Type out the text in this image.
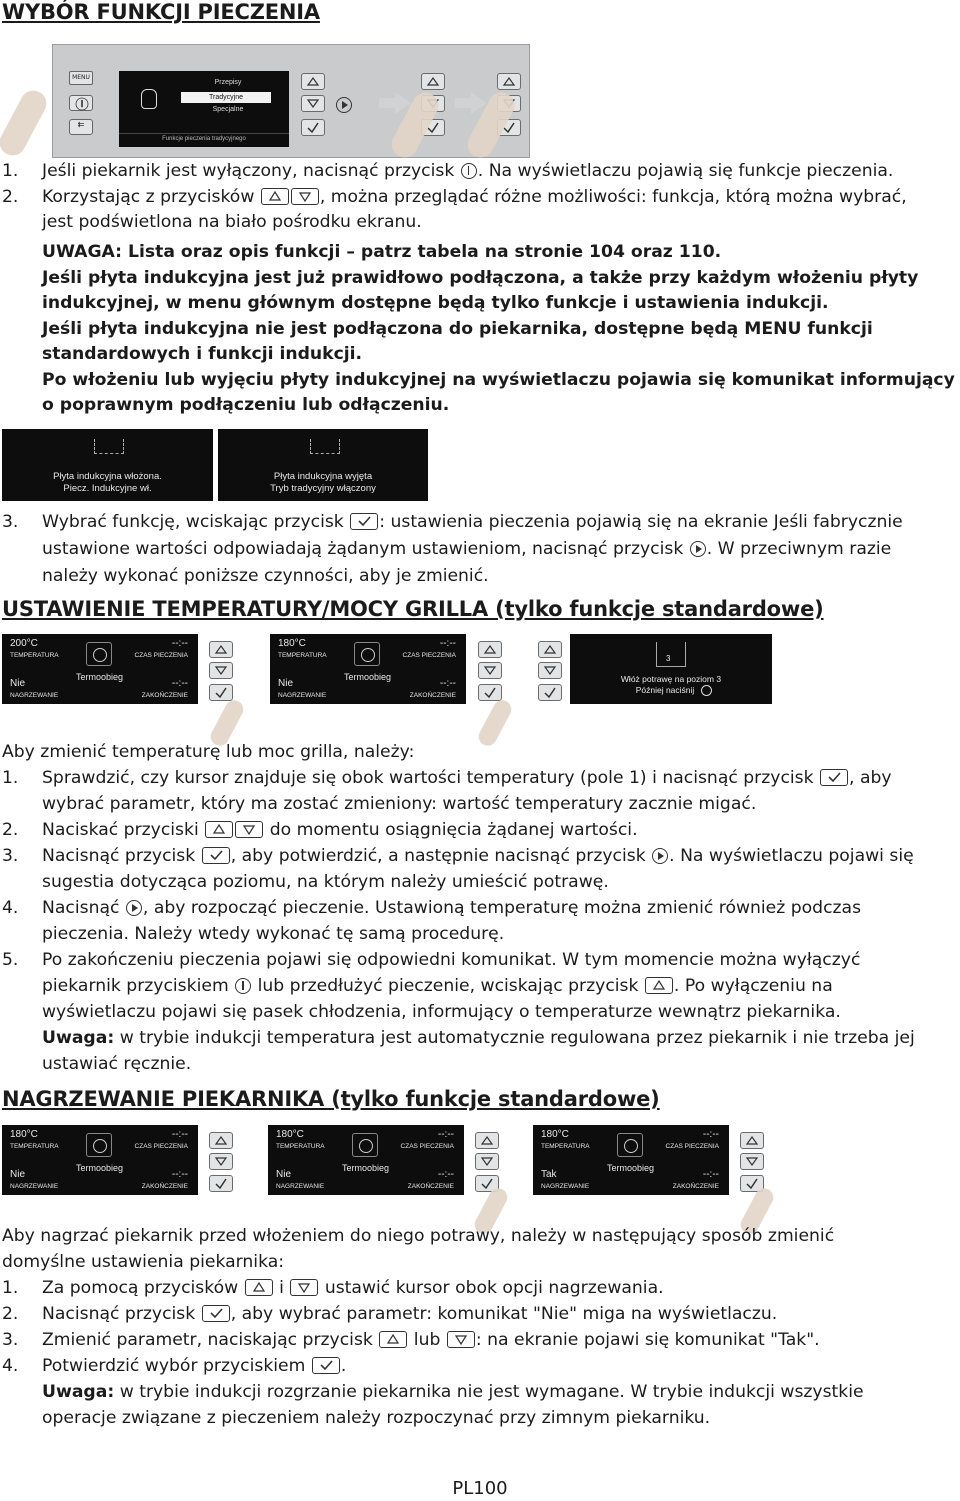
WYBÓR FUNKCJI PIECZENIA
MENU
⇇
Przepisy
Tradycyjne
Specjalne
Funkcje pieczenia tradycyjnego
1. Jeśli piekarnik jest wyłączony, nacisnąć przycisk . Na wyświetlaczu pojawią się funkcje pieczenia.
2. Korzystając z przycisków	, można przeglądać różne możliwości: funkcja, którą można wybrać,
jest podświetlona na biało pośrodku ekranu.
UWAGA: Lista oraz opis funkcji – patrz tabela na stronie 104 oraz 110.
Jeśli płyta indukcyjna jest już prawidłowo podłączona, a także przy każdym włożeniu płyty
indukcyjnej, w menu głównym dostępne będą tylko funkcje i ustawienia indukcji.
Jeśli płyta indukcyjna nie jest podłączona do piekarnika, dostępne będą MENU funkcji
standardowych i funkcji indukcji.
Po włożeniu lub wyjęciu płyty indukcyjnej na wyświetlaczu pojawia się komunikat informujący
o poprawnym podłączeniu lub odłączeniu.
Płyta indukcyjna włożona.
Piecz. Indukcyjne wł.
Płyta indukcyjna wyjęta
Tryb tradycyjny włączony
3. Wybrać funkcję, wciskając przycisk : ustawienia pieczenia pojawią się na ekranie Jeśli fabrycznie
ustawione wartości odpowiadają żądanym ustawieniom, nacisnąć przycisk . W przeciwnym razie
należy wykonać poniższe czynności, aby je zmienić.
USTAWIENIE TEMPERATURY/MOCY GRILLA (tylko funkcje standardowe)
200°C
TEMPERATURA
--:--
CZAS PIECZENIA
Termoobieg
Nie
NAGRZEWANIE
--:--
ZAKOŃCZENIE
180°C
TEMPERATURA
--:--
CZAS PIECZENIA
Termoobieg
Nie
NAGRZEWANIE
--:--
ZAKOŃCZENIE
3
Włóż potrawę na poziom 3
Później naciśnij
Aby zmienić temperaturę lub moc grilla, należy:
1. Sprawdzić, czy kursor znajduje się obok wartości temperatury (pole 1) i nacisnąć przycisk , aby
wybrać parametr, który ma zostać zmieniony: wartość temperatury zacznie migać.
2. Naciskać przyciski	do momentu osiągnięcia żądanej wartości.
3. Nacisnąć przycisk , aby potwierdzić, a następnie nacisnąć przycisk . Na wyświetlaczu pojawi się
sugestia dotycząca poziomu, na którym należy umieścić potrawę.
4. Nacisnąć , aby rozpocząć pieczenie. Ustawioną temperaturę można zmienić również podczas
pieczenia. Należy wtedy wykonać tę samą procedurę.
5. Po zakończeniu pieczenia pojawi się odpowiedni komunikat. W tym momencie można wyłączyć
piekarnik przyciskiem lub przedłużyć pieczenie, wciskając przycisk . Po wyłączeniu na
wyświetlaczu pojawi się pasek chłodzenia, informujący o temperaturze wewnątrz piekarnika.
Uwaga: w trybie indukcji temperatura jest automatycznie regulowana przez piekarnik i nie trzeba jej
ustawiać ręcznie.
NAGRZEWANIE PIEKARNIKA (tylko funkcje standardowe)
180°C
TEMPERATURA
--:--
CZAS PIECZENIA
Termoobieg
Nie
NAGRZEWANIE
--:--
ZAKOŃCZENIE
180°C
TEMPERATURA
--:--
CZAS PIECZENIA
Termoobieg
Nie
NAGRZEWANIE
--:--
ZAKOŃCZENIE
180°C
TEMPERATURA
--:--
CZAS PIECZENIA
Termoobieg
Tak
NAGRZEWANIE
--:--
ZAKOŃCZENIE
Aby nagrzać piekarnik przed włożeniem do niego potrawy, należy w następujący sposób zmienić
domyślne ustawienia piekarnika:
1. Za pomocą przycisków i ustawić kursor obok opcji nagrzewania.
2. Nacisnąć przycisk , aby wybrać parametr: komunikat "Nie" miga na wyświetlaczu.
3. Zmienić parametr, naciskając przycisk lub : na ekranie pojawi się komunikat "Tak".
4. Potwierdzić wybór przyciskiem .
Uwaga: w trybie indukcji rozgrzanie piekarnika nie jest wymagane. W trybie indukcji wszystkie
operacje związane z pieczeniem należy rozpoczynać przy zimnym piekarniku.
PL100
